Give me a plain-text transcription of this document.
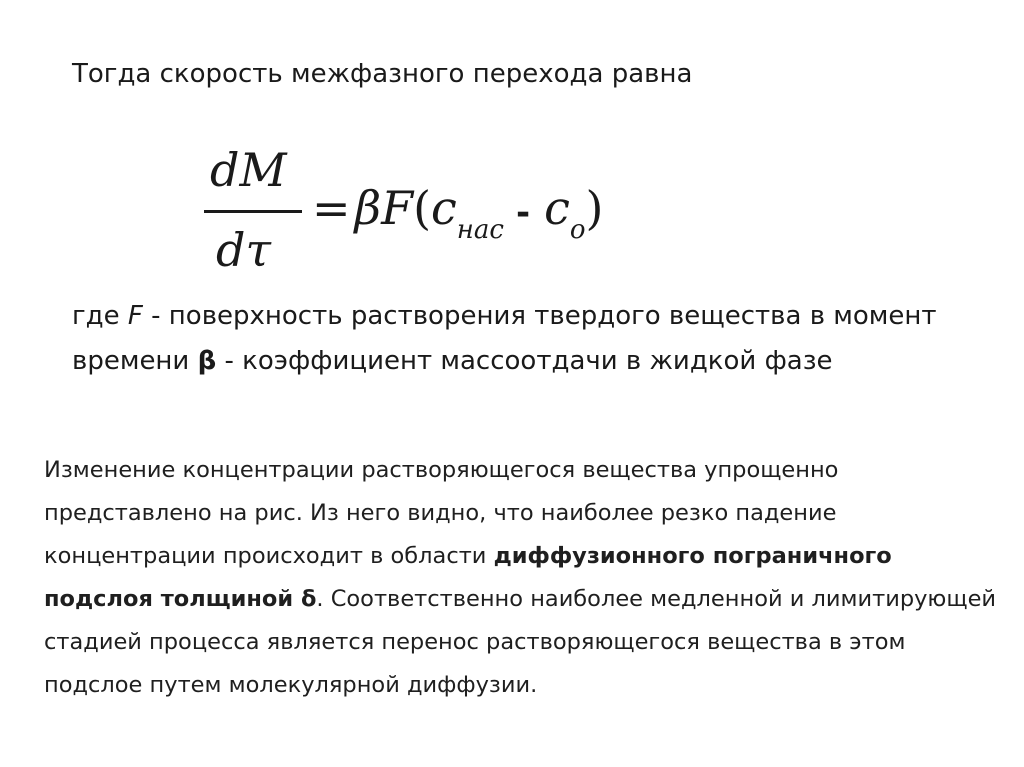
Тогда скорость межфазного перехода равна
dM
dτ
$=\beta F(c_{нас} - c_o)$
где F - поверхность растворения твердого вещества в момент времени β - коэффициент массоотдачи в жидкой фазе
Изменение концентрации растворяющегося вещества упрощенно представлено на рис. Из него видно, что наиболее резко падение концентрации происходит в области диффузионного пограничного подслоя толщиной δ. Соответственно наиболее медленной и лимитирующей стадией процесса является перенос растворяющегося вещества в этом подслое путем молекулярной диффузии.
